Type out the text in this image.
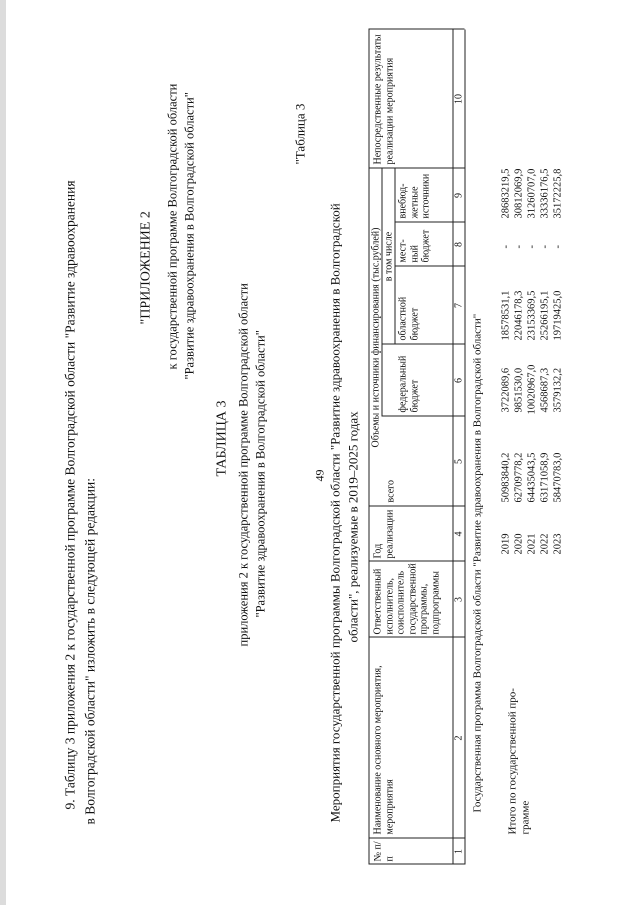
49
9. Таблицу 3 приложения 2 к государственной программе Волгоградской области "Развитие здравоохранения в Волгоградской области" изложить в следующей редакции:
"ПРИЛОЖЕНИЕ 2 к государственной программе Волгоградской области "Развитие здравоохранения в Волгоградской области"	"Таблица 3
ТАБЛИЦА 3 приложения 2 к государственной программе Волгоградской области "Развитие здравоохранения в Волгоградской области"	Мероприятия государственной программы Волгоградской области "Развитие здравоохранения в Волгоградской области", реализуемые в 2019–2025 годах
№ п/п
Наименование основного мероприятия, мероприятия
Ответственный исполнитель, соисполнитель государственной программы, подпрограммы
Год реализации
Объемы и источники финансирования (тыс.рублей)
всего
в том числе
федеральный бюджет
областной бюджет
мест-ный бюджет
внебюд-жетные источники
Непосредственные результаты реализации мероприятия
1
2
3
4
5
6
7
8
9
10
Государственная программа Волгоградской области "Развитие здравоохранения в Волгоградской области" Итого по государственной про-грамме
2019
50983840,2
3722089,6
18578531,1
-
28683219,5
2020
62709778,2
9851530,0
22046178,3
-
30812069,9
2021
64435043,5
10020967,0
23153369,5
-
31260707,0
2022
63171058,9
4568687,3
25266195,1
-
33336176,5
2023
58470783,0
3579132,2
19719425,0
-
35172225,8
